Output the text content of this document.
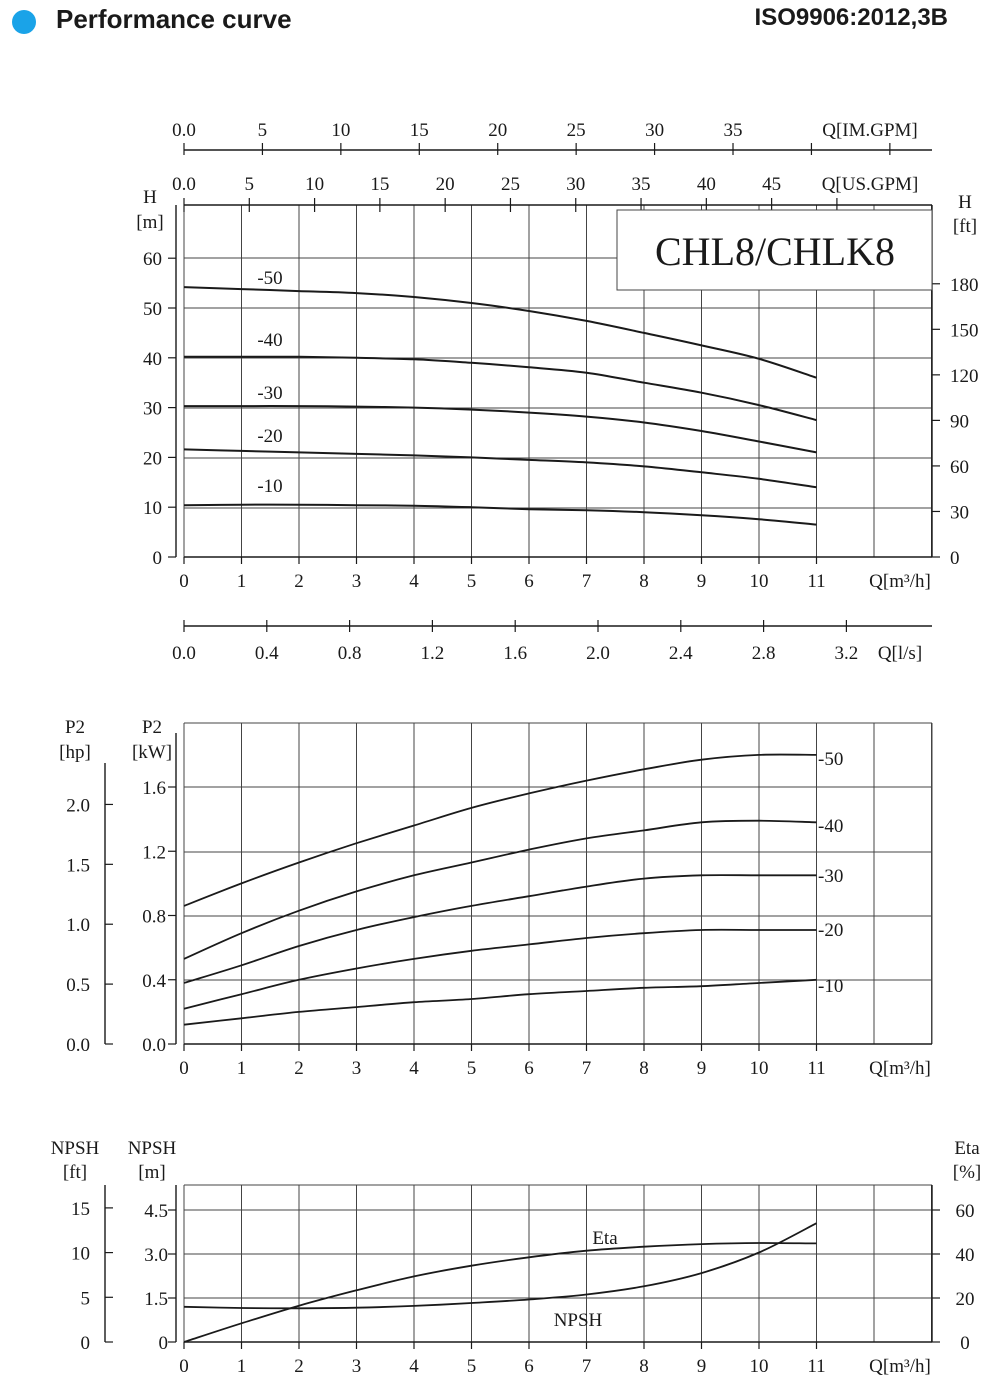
Performance curve	ISO9906:2012,3B
0
10
20
30
40
50
60
H
[m]
0
30
60
90
120
150
180
H
[ft]
0	1	2	3	4	5	6	7	8	9 10 11 Q[m³/h]
0.0	5	10 15 20 25 30 35 40 45 Q[US.GPM]
0.0	5	10	15	20	25	30	35	Q[IM.GPM]
0.0	0.4	0.8	1.2	1.6	2.0	2.4	2.8	3.2 Q[l/s]
CHL8/CHLK8
-50
-40
-30
-20
-10
0.0
0.4
0.8
1.2
1.6
0.0
0.5
1.0
1.5
2.0
P2
[hp]
P2
[kW]
0	1	2	3	4	5	6	7	8	9 10 11 Q[m³/h]
-50
-40
-30
-20
-10
0
1.5
3.0
4.5
0
5
10
15
0
20
40
60
NPSH
[ft]
NPSH
[m]
Eta
[%]
0	1	2	3	4	5	6	7	8	9 10 11 Q[m³/h]
Eta
NPSH
